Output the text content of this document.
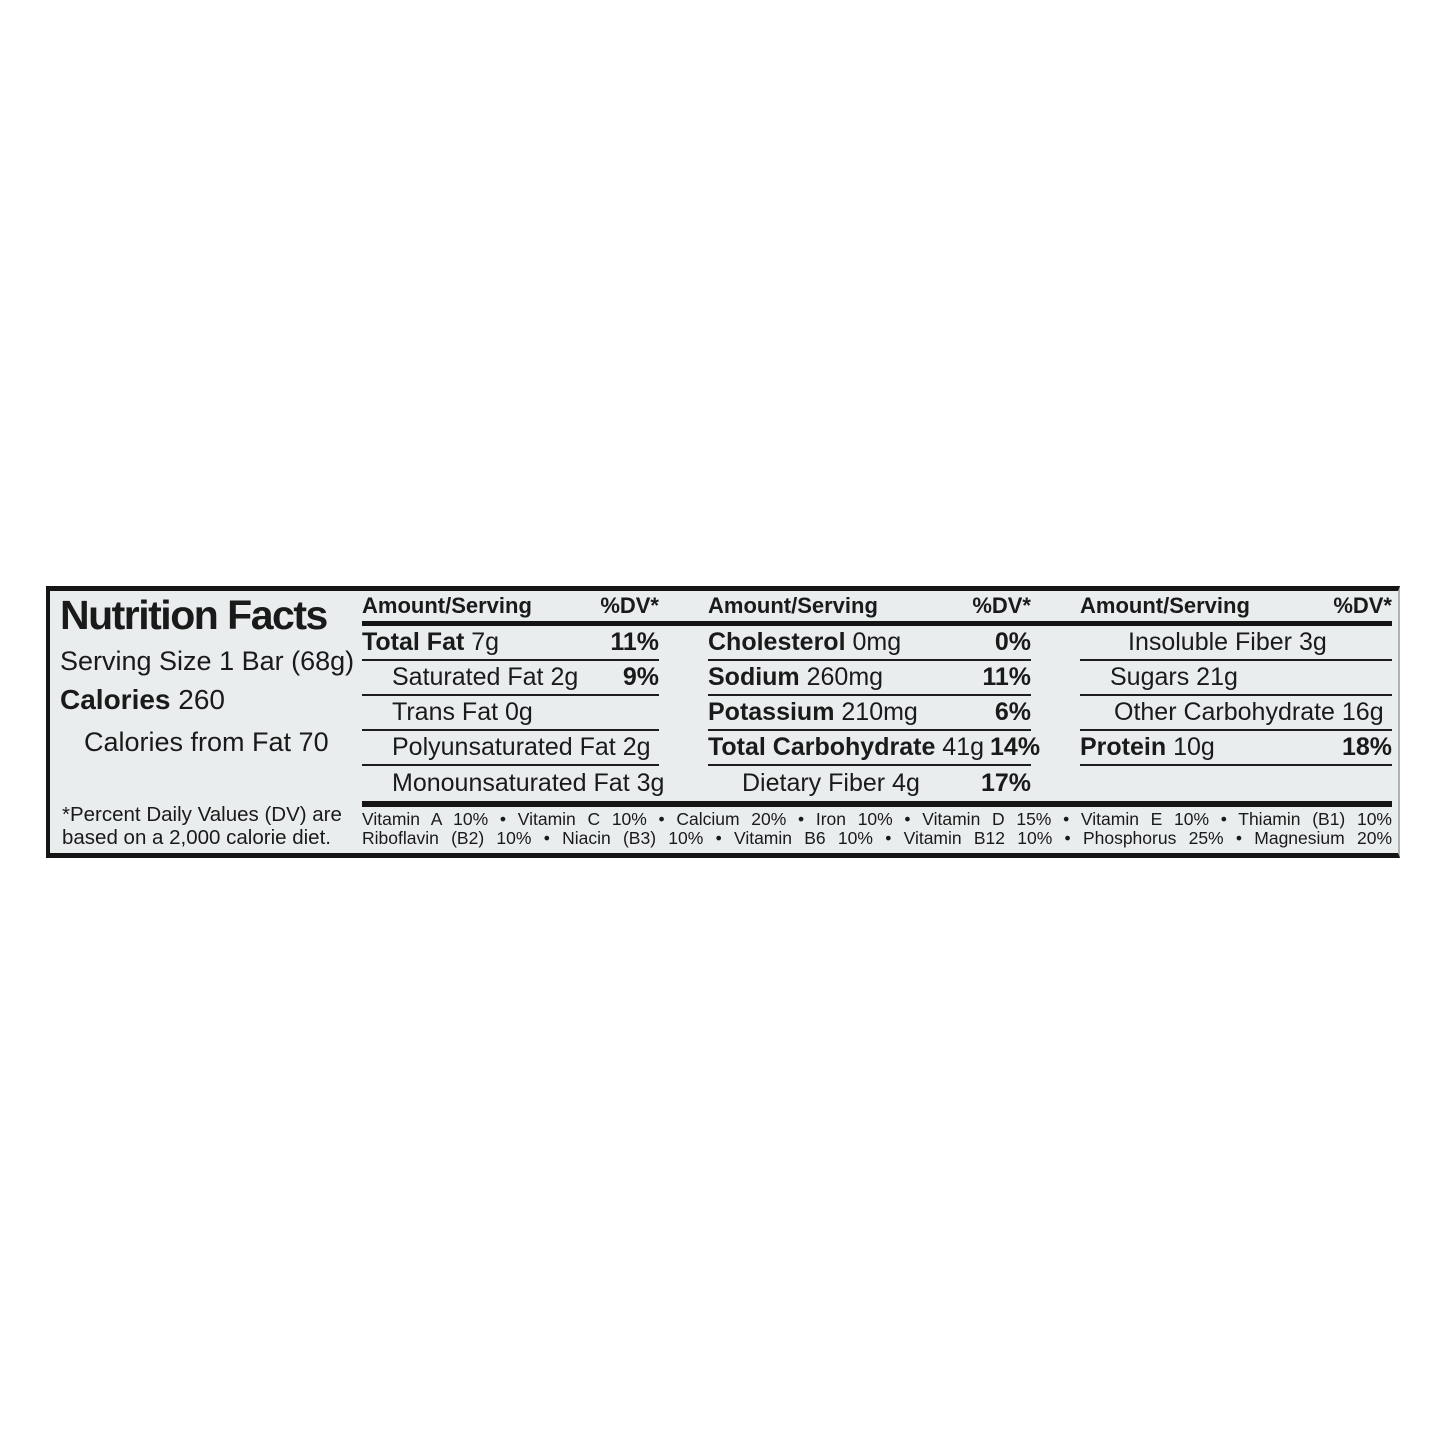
Nutrition Facts
Serving Size 1 Bar (68g)
Calories 260
Calories from Fat 70
*Percent Daily Values (DV) are
based on a 2,000 calorie diet.
Amount/Serving	%DV* Amount/Serving	%DV* Amount/Serving	%DV*
Total Fat 7g	11%
Saturated Fat 2g 9%
Trans Fat 0g
Polyunsaturated Fat 2g
Monounsaturated Fat 3g
Cholesterol 0mg	0%
Sodium 260mg	11%
Potassium 210mg	6%
Total Carbohydrate 41g 14%
Dietary Fiber 4g 17%
Insoluble Fiber 3g
Sugars 21g
Other Carbohydrate 16g
Protein 10g	18%
Vitamin A 10% • Vitamin C 10% • Calcium 20% • Iron 10% • Vitamin D 15% • Vitamin E 10% • Thiamin (B1) 10%
Riboflavin (B2) 10% • Niacin (B3) 10% • Vitamin B6 10% • Vitamin B12 10% • Phosphorus 25% • Magnesium 20%
